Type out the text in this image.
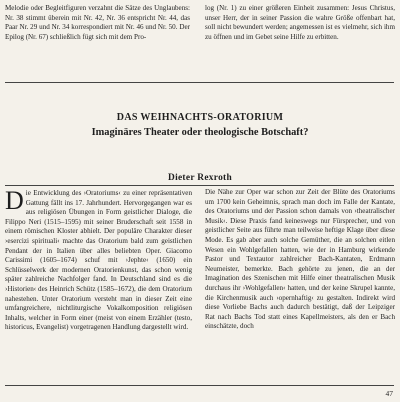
Melodie oder Begleitfiguren verzahnt die Sätze des Unglaubens: Nr. 38 stimmt überein mit Nr. 42, Nr. 36 entspricht Nr. 44, das Paar Nr. 29 und Nr. 34 korrespondiert mit Nr. 46 und Nr. 50. Der Epilog (Nr. 67) schließlich fügt sich mit dem Pro-

log (Nr. 1) zu einer größeren Einheit zusammen: Jesus Christus, unser Herr, der in seiner Passion die wahre Größe offenbart hat, soll nicht bewundert werden; angemessen ist es vielmehr, sich ihm zu öffnen und im Gebet seine Hilfe zu erbitten.

DAS WEIHNACHTS-ORATORIUM
Imaginäres Theater oder theologische Botschaft?
Dieter Rexroth

Die Entwicklung des ›Oratoriums‹ zu einer repräsentativen Gattung fällt ins 17. Jahrhundert. Hervorgegangen war es aus religiösen Übungen in Form geistlicher Dialoge, die Filippo Neri (1515–1595) mit seiner Bruderschaft seit 1558 in einem römischen Kloster abhielt. Der populäre Charakter dieser ›esercizi spirituali‹ machte das Oratorium bald zum geistlichen Pendant der in Italien über alles beliebten Oper. Giacomo Carissimi (1605–1674) schuf mit ›Jephte‹ (1650) ein Schlüsselwerk der modernen Oratorienkunst, das schon wenig später zahlreiche Nachfolger fand. In Deutschland sind es die ›Historien‹ des Heinrich Schütz (1585–1672), die dem Oratorium nahestehen. Unter Oratorium versteht man in dieser Zeit eine umfangreichere, nichtliturgische Vokalkomposition religiösen Inhalts, welcher in Form einer (meist von einem Erzähler (testo, historicus, Evangelist) vorgetragenen Handlung dargestellt wird.

Die Nähe zur Oper war schon zur Zeit der Blüte des Oratoriums um 1700 kein Geheimnis, sprach man doch im Falle der Kantate, des Oratoriums und der Passion schon damals von ›theatralischer Musik‹. Diese Praxis fand keineswegs nur Fürsprecher, und von geistlicher Seite aus führte man teilweise heftige Klage über diese Mode. Es gab aber auch solche Gemüther, die an solchen eitlen Wesen ein Wohlgefallen hatten, wie der in Hamburg wirkende Pastor und Textautor zahlreicher Bach-Kantaten, Erdmann Neumeister, bemerkte. Bach gehörte zu jenen, die an der Imagination des Szenischen mit Hilfe einer theatralischen Musik durchaus ihr ›Wohlgefallen‹ hatten, und der keine Skrupel kannte, die Kirchenmusik auch ›opernhaftig‹ zu gestalten. Indirekt wird diese Vorliebe Bachs auch dadurch bestätigt, daß der Leipziger Rat nach Bachs Tod statt eines Kapellmeisters, als den er Bach einschätzte, doch

47
